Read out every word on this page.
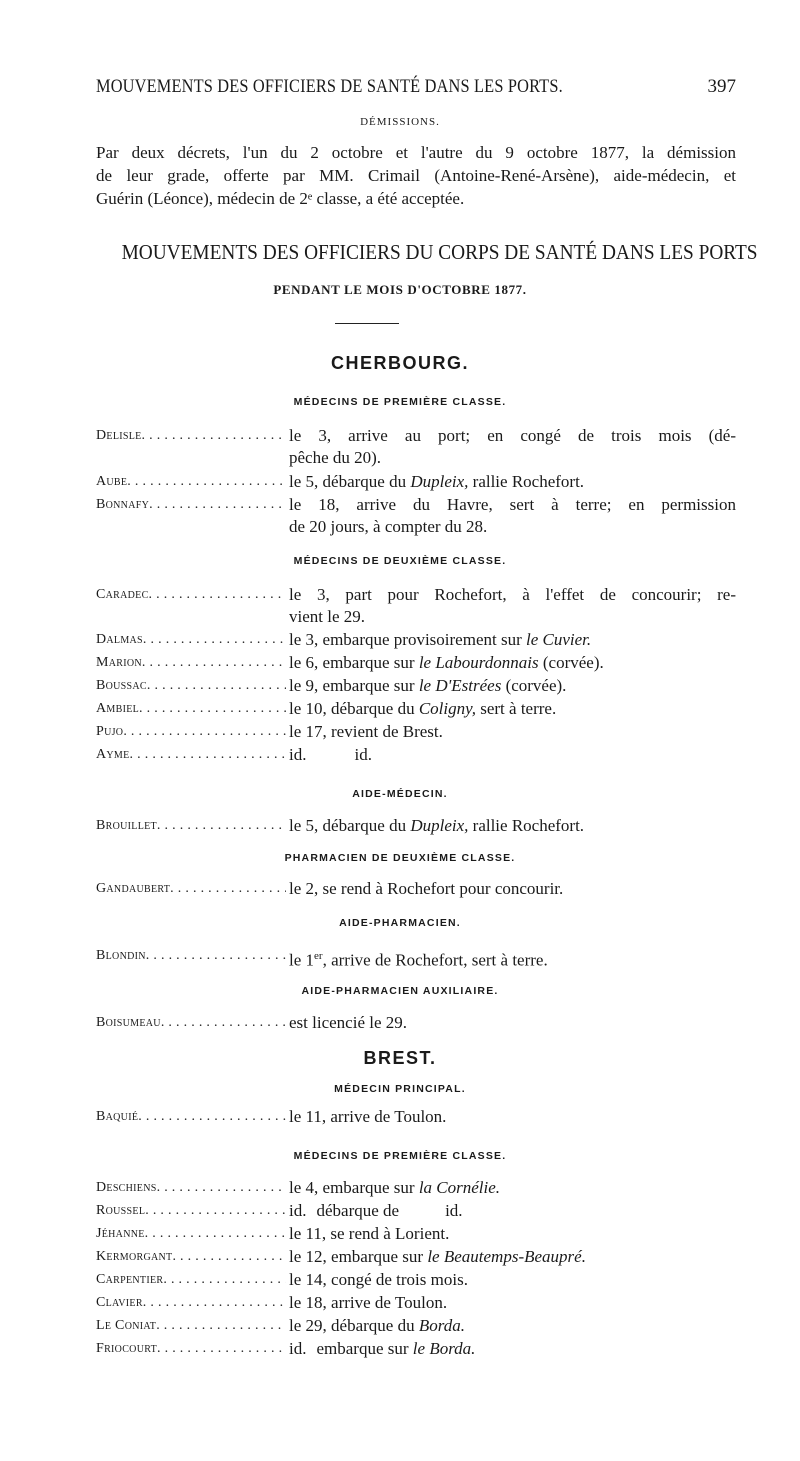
MOUVEMENTS DES OFFICIERS DE SANTÉ DANS LES PORTS.	397
DÉMISSIONS.
Par deux décrets, l'un du 2 octobre et l'autre du 9 octobre 1877, la démission
de leur grade, offerte par MM. Crimail (Antoine-René-Arsène), aide-médecin, et
Guérin (Léonce), médecin de 2ᵉ classe, a été acceptée.
MOUVEMENTS DES OFFICIERS DU CORPS DE SANTÉ DANS LES PORTS
PENDANT LE MOIS D'OCTOBRE 1877.
CHERBOURG.
MÉDECINS DE PREMIÈRE CLASSE.
Delisle. . . .	le 3, arrive au port; en congé de trois mois (dé-
pêche du 20).
Aube. . . .	le 5, débarque du Dupleix, rallie Rochefort.
Bonnafy. . . .	le 18, arrive du Havre, sert à terre; en permission
de 20 jours, à compter du 28.
MÉDECINS DE DEUXIÈME CLASSE.
Caradec. . . .	le 3, part pour Rochefort, à l'effet de concourir; re-
vient le 29.
Dalmas. . . .	le 3, embarque provisoirement sur le Cuvier.
Marion. . . .	le 6, embarque sur le Labourdonnais (corvée).
Boussac. . . .	le 9, embarque sur le D'Estrées (corvée).
Ambiel. . . .	le 10, débarque du Coligny, sert à terre.
Pujo. . . .	le 17, revient de Brest.
Ayme. . . .	id.	id.
AIDE-MÉDECIN.
Brouillet. . . .	le 5, débarque du Dupleix, rallie Rochefort.
PHARMACIEN DE DEUXIÈME CLASSE.
Gandaubert. . . .	le 2, se rend à Rochefort pour concourir.
AIDE-PHARMACIEN.
Blondin. . . .	le 1er, arrive de Rochefort, sert à terre.
AIDE-PHARMACIEN AUXILIAIRE.
Boisumeau. . . .	est licencié le 29.
BREST.
MÉDECIN PRINCIPAL.
Baquié. . . .	le 11, arrive de Toulon.
MÉDECINS DE PREMIÈRE CLASSE.
Deschiens. . . .	le 4, embarque sur la Cornélie.
Roussel. . . .	id. débarque de	id.
Jéhanne. . . .	le 11, se rend à Lorient.
Kermorgant. . . .	le 12, embarque sur le Beautemps-Beaupré.
Carpentier. . . .	le 14, congé de trois mois.
Clavier. . . .	le 18, arrive de Toulon.
Le Coniat. . . .	le 29, débarque du Borda.
Friocourt. . . .	id. embarque sur le Borda.
